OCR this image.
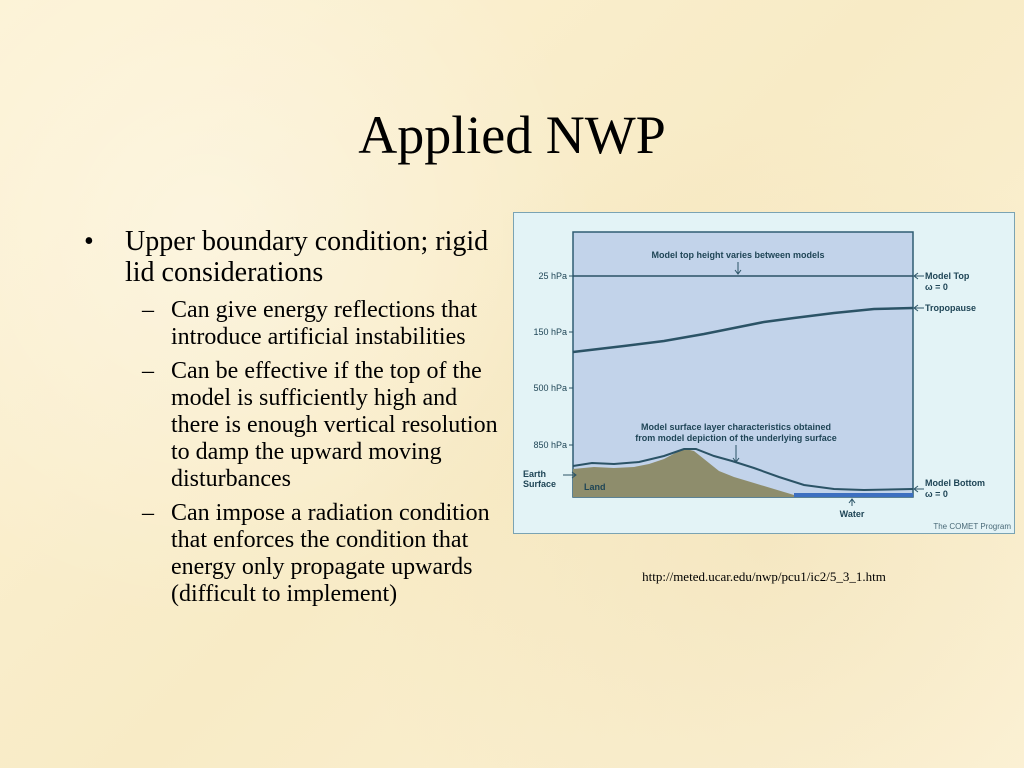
Applied NWP
• Upper boundary condition; rigid lid considerations
– Can give energy reflections that introduce artificial instabilities
– Can be effective if the top of the model is sufficiently high and there is enough vertical resolution to damp the upward moving disturbances
– Can impose a radiation condition that enforces the condition that energy only propagate upwards (difficult to implement)
25 hPa
150 hPa
500 hPa
850 hPa
Model top height varies between models
Model surface layer characteristics obtained
from model depiction of the underlying surface
Earth
Surface	Land
Model Top
ω = 0
Tropopause
Model Bottom
ω = 0
Water
The COMET Program
http://meted.ucar.edu/nwp/pcu1/ic2/5_3_1.htm
